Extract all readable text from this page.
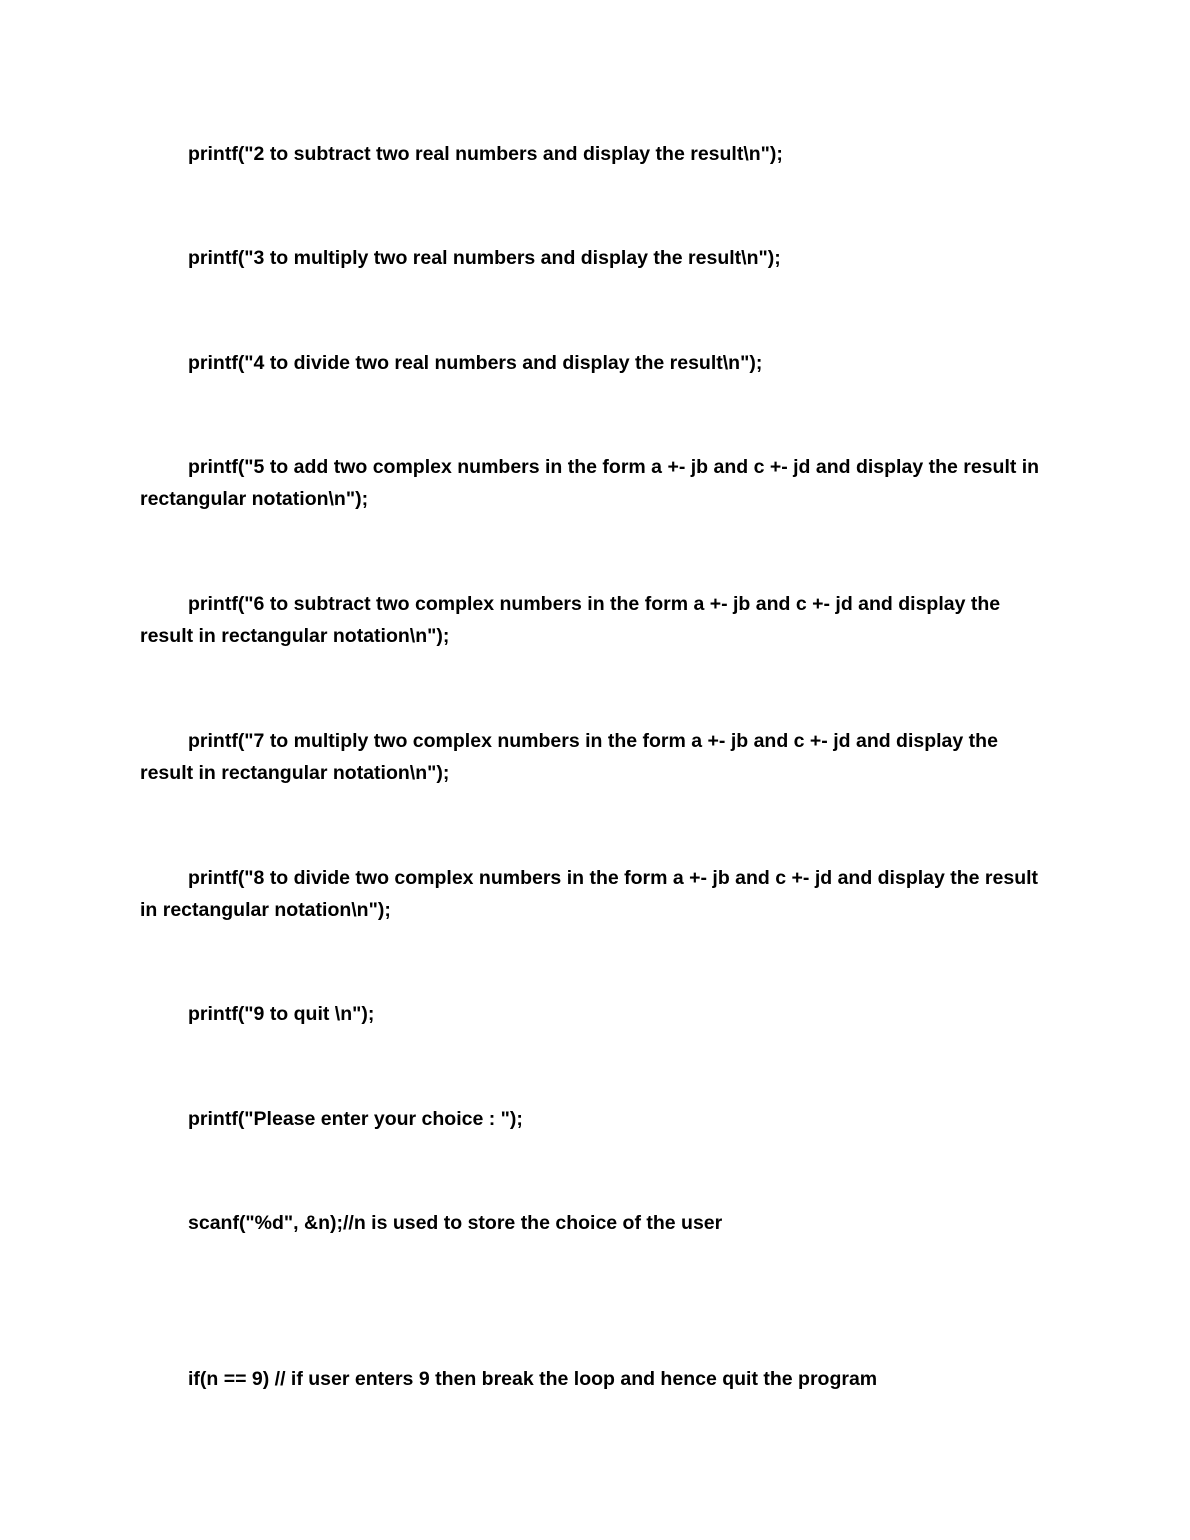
printf("2 to subtract two real numbers and display the result\n");

printf("3 to multiply two real numbers and display the result\n");

printf("4 to divide two real numbers and display the result\n");

printf("5 to add two complex numbers in the form a +- jb and c +- jd and display the result in rectangular notation\n");

printf("6 to subtract two complex numbers in the form a +- jb and c +- jd and display the result in rectangular notation\n");

printf("7 to multiply two complex numbers in the form a +- jb and c +- jd and display the result in rectangular notation\n");

printf("8 to divide two complex numbers in the form a +- jb and c +- jd and display the result in rectangular notation\n");

printf("9 to quit \n");

printf("Please enter your choice : ");

scanf("%d", &n);//n is used to store the choice of the user

if(n == 9) // if user enters 9 then break the loop and hence quit the program
